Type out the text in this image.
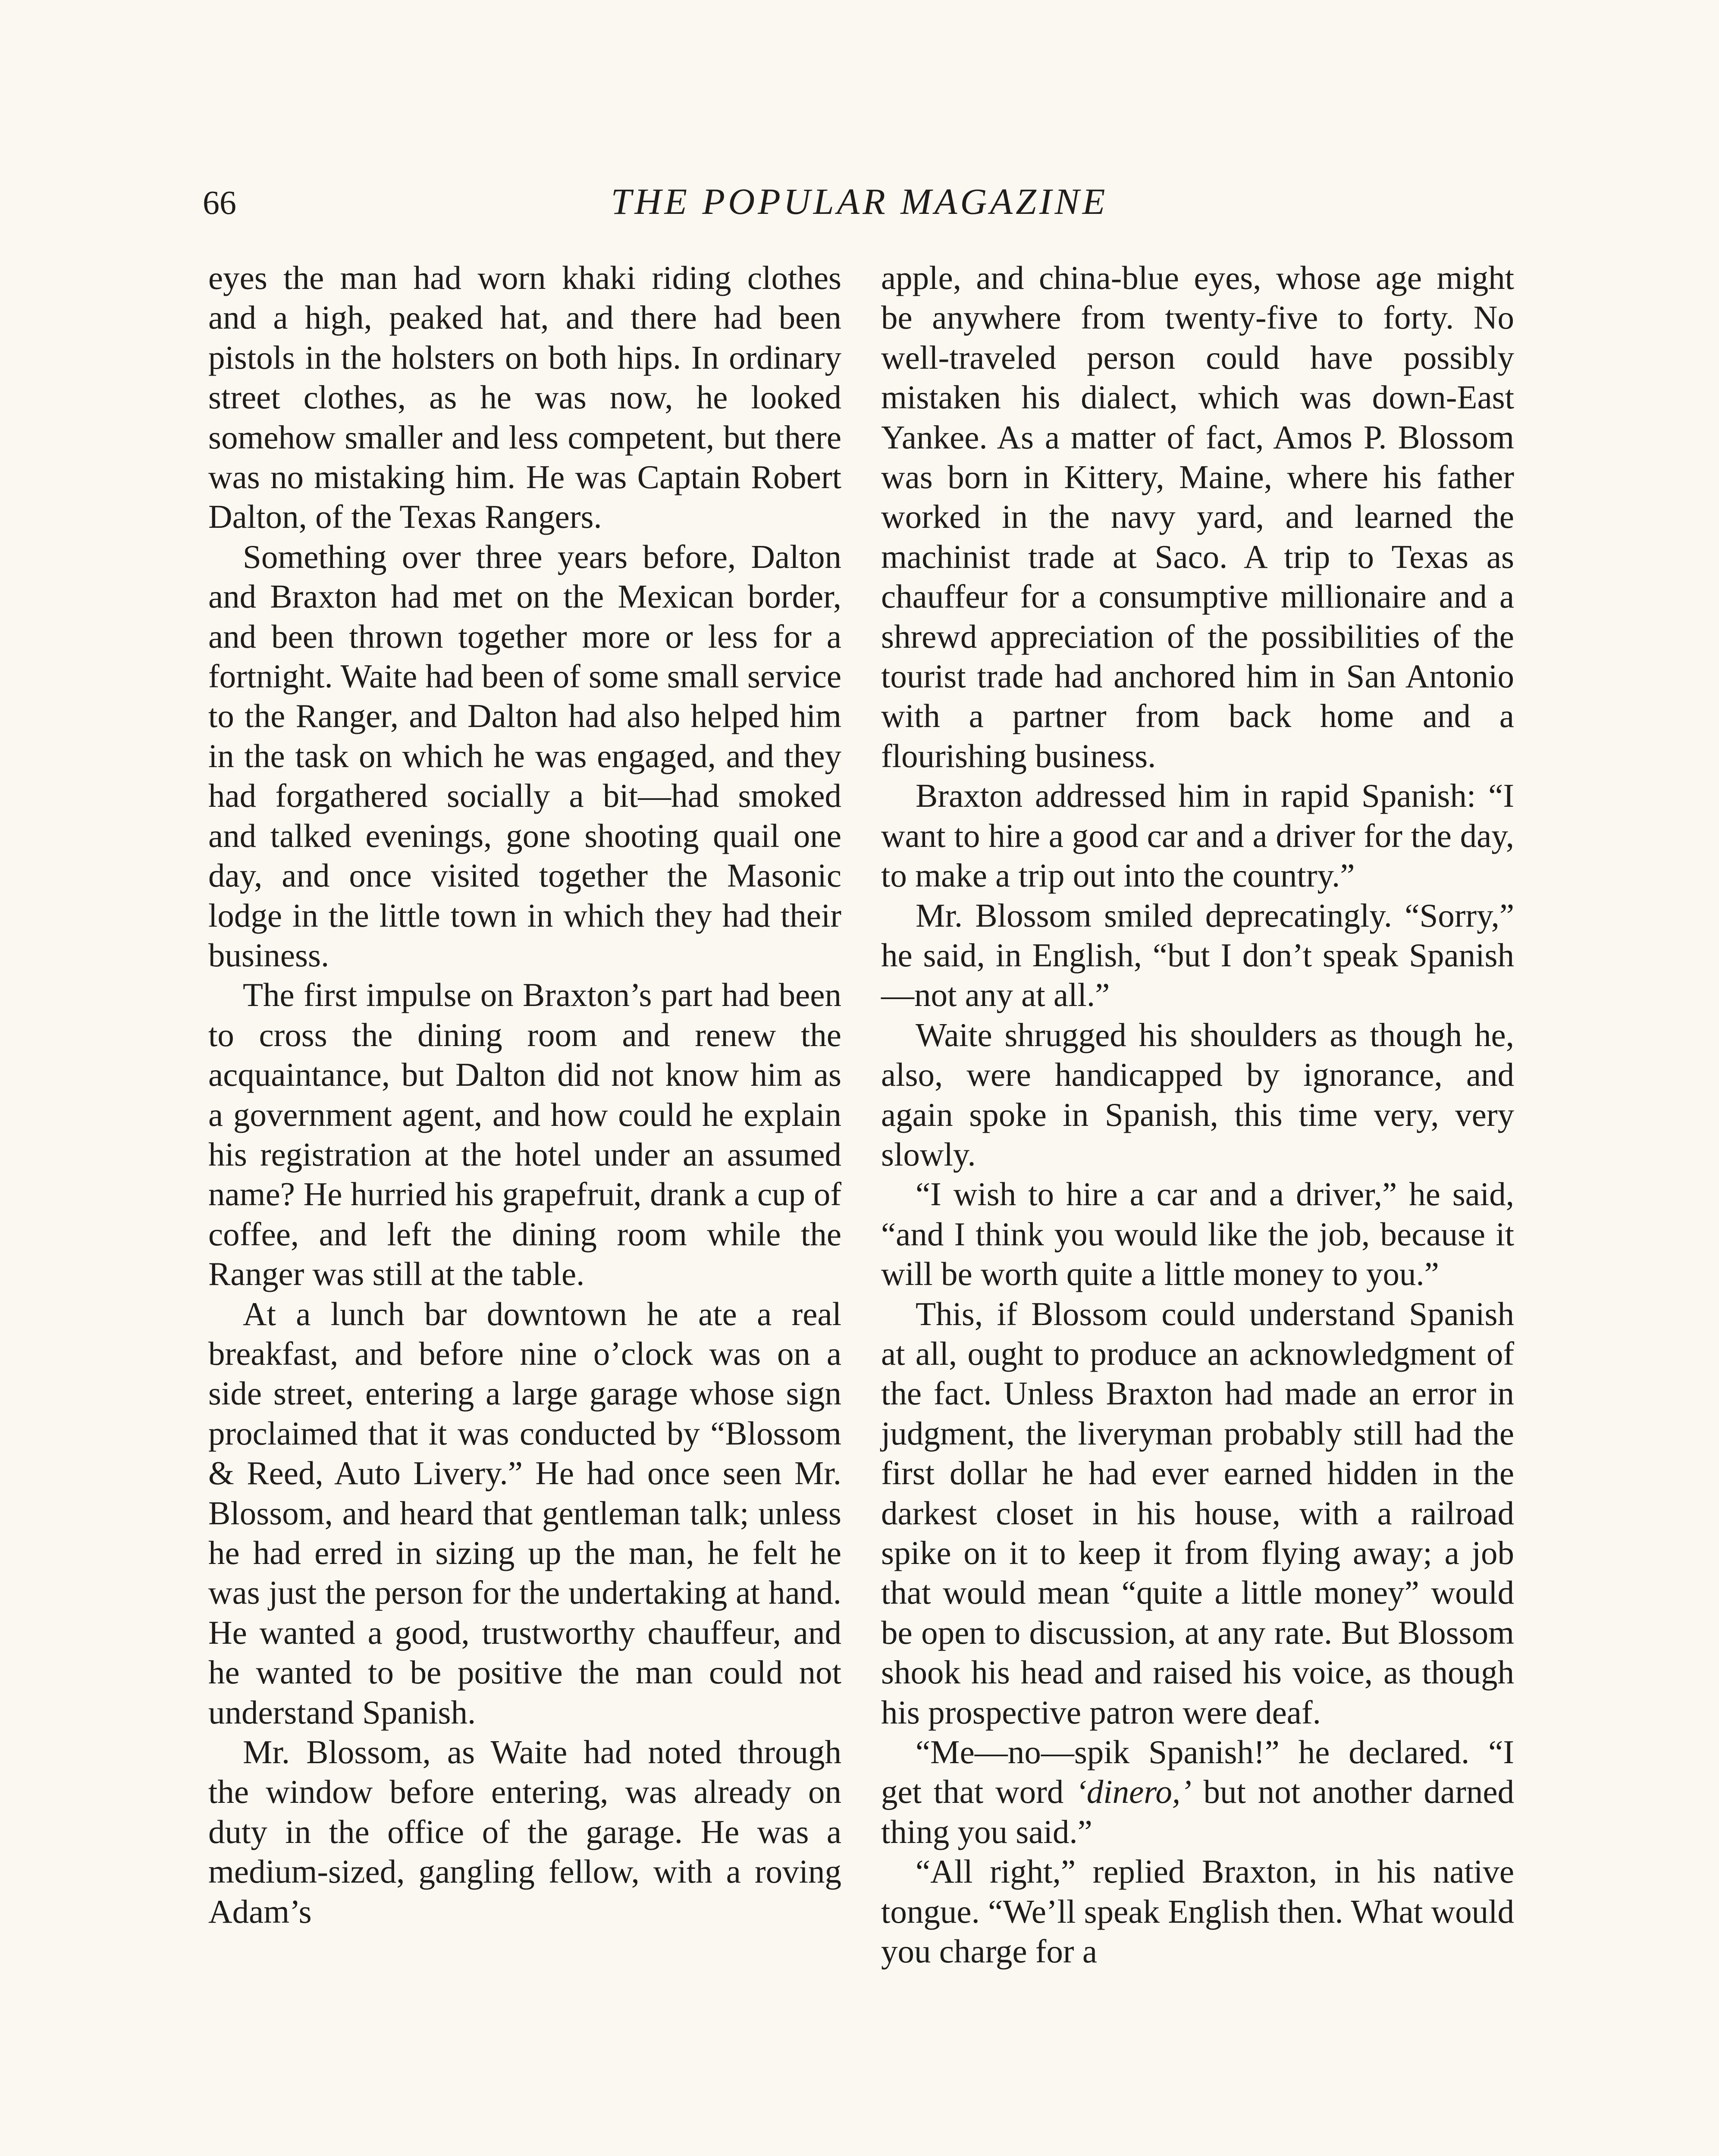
66	THE POPULAR MAGAZINE

eyes the man had worn khaki riding clothes and a high, peaked hat, and there had been pistols in the holsters on both hips. In ordinary street clothes, as he was now, he looked somehow smaller and less competent, but there was no mistaking him. He was Captain Robert Dalton, of the Texas Rangers.

Something over three years before, Dalton and Braxton had met on the Mexican border, and been thrown together more or less for a fortnight. Waite had been of some small service to the Ranger, and Dalton had also helped him in the task on which he was engaged, and they had forgathered socially a bit—had smoked and talked evenings, gone shooting quail one day, and once visited together the Masonic lodge in the little town in which they had their business.

The first impulse on Braxton’s part had been to cross the dining room and renew the acquaintance, but Dalton did not know him as a government agent, and how could he explain his registration at the hotel under an assumed name? He hurried his grapefruit, drank a cup of coffee, and left the dining room while the Ranger was still at the table.

At a lunch bar downtown he ate a real breakfast, and before nine o’clock was on a side street, entering a large garage whose sign proclaimed that it was conducted by “Blossom & Reed, Auto Livery.” He had once seen Mr. Blossom, and heard that gentleman talk; unless he had erred in sizing up the man, he felt he was just the person for the undertaking at hand. He wanted a good, trustworthy chauffeur, and he wanted to be positive the man could not understand Spanish.

Mr. Blossom, as Waite had noted through the window before entering, was already on duty in the office of the garage. He was a medium-sized, gangling fellow, with a roving Adam’s

apple, and china-blue eyes, whose age might be anywhere from twenty-five to forty. No well-traveled person could have possibly mistaken his dialect, which was down-East Yankee. As a matter of fact, Amos P. Blossom was born in Kittery, Maine, where his father worked in the navy yard, and learned the machinist trade at Saco. A trip to Texas as chauffeur for a consumptive millionaire and a shrewd appreciation of the possibilities of the tourist trade had anchored him in San Antonio with a partner from back home and a flourishing business.

Braxton addressed him in rapid Spanish: “I want to hire a good car and a driver for the day, to make a trip out into the country.”

Mr. Blossom smiled deprecatingly. “Sorry,” he said, in English, “but I don’t speak Spanish—not any at all.”

Waite shrugged his shoulders as though he, also, were handicapped by ignorance, and again spoke in Spanish, this time very, very slowly.

“I wish to hire a car and a driver,” he said, “and I think you would like the job, because it will be worth quite a little money to you.”

This, if Blossom could understand Spanish at all, ought to produce an acknowledgment of the fact. Unless Braxton had made an error in judgment, the liveryman probably still had the first dollar he had ever earned hidden in the darkest closet in his house, with a railroad spike on it to keep it from flying away; a job that would mean “quite a little money” would be open to discussion, at any rate. But Blossom shook his head and raised his voice, as though his prospective patron were deaf.

“Me—no—spik Spanish!” he declared. “I get that word ‘dinero,’ but not another darned thing you said.”

“All right,” replied Braxton, in his native tongue. “We’ll speak English then. What would you charge for a
